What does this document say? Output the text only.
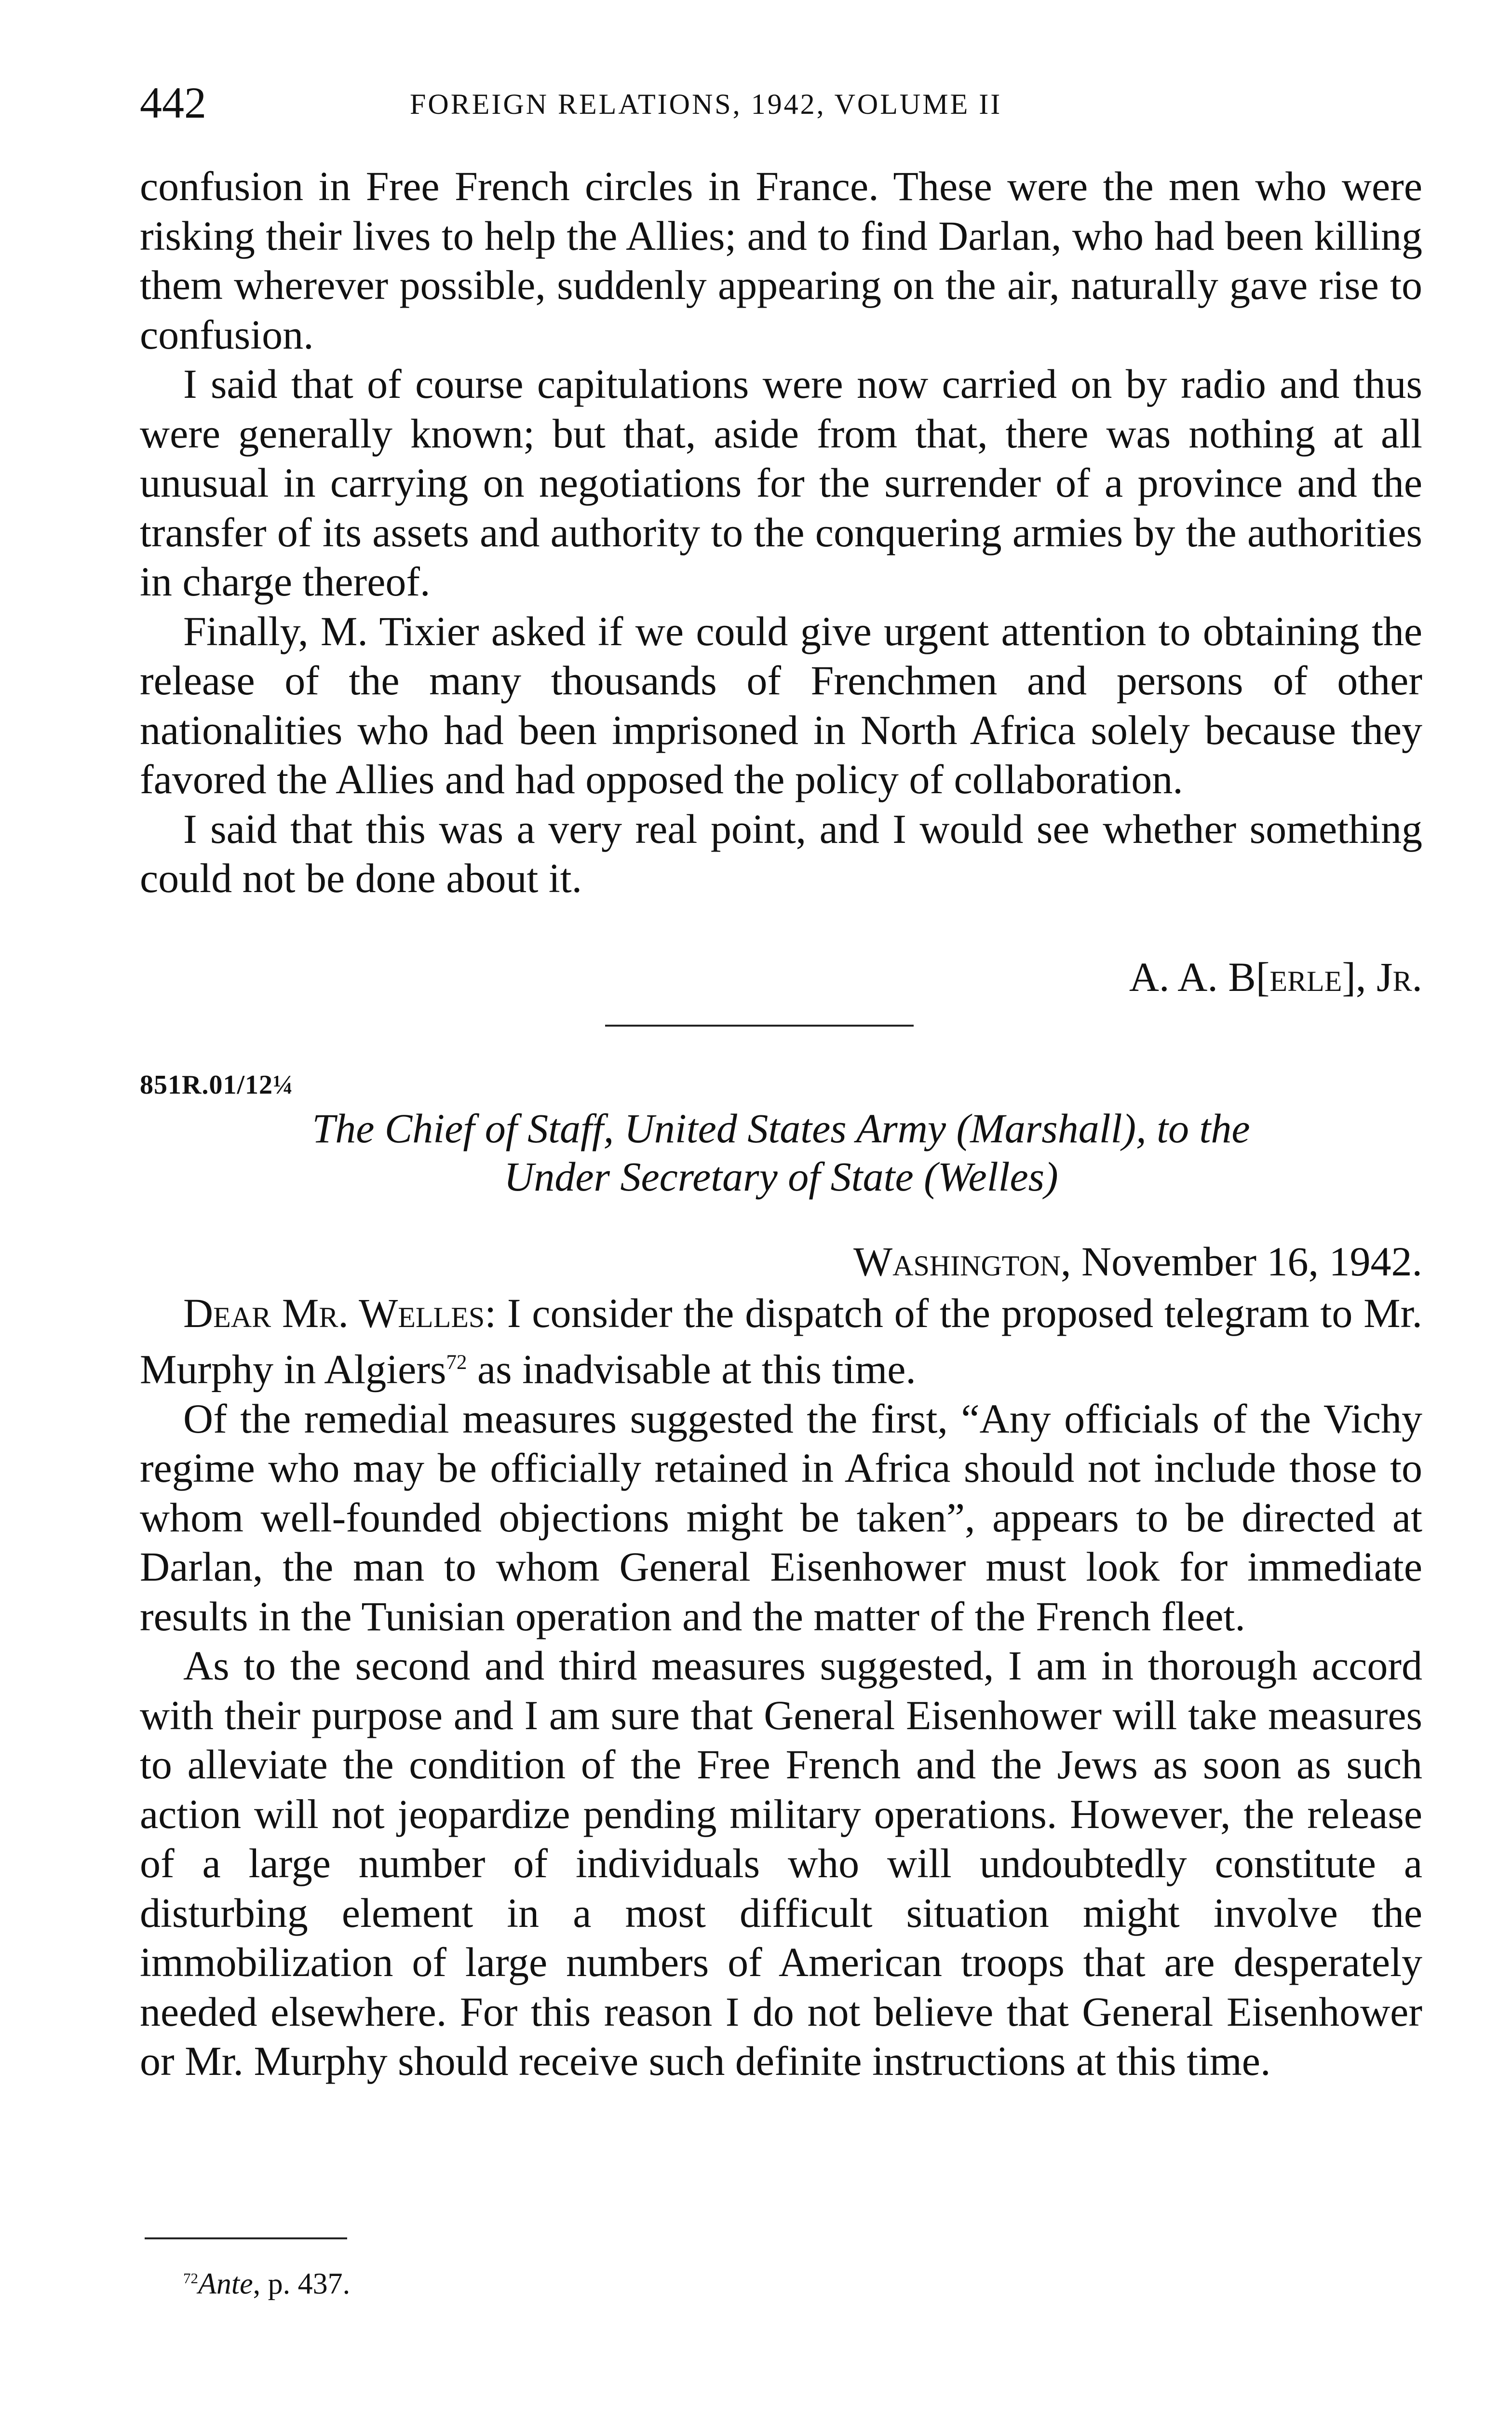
442	FOREIGN RELATIONS, 1942, VOLUME II

confusion in Free French circles in France. These were the men who were risking their lives to help the Allies; and to find Darlan, who had been killing them wherever possible, suddenly appearing on the air, naturally gave rise to confusion.

I said that of course capitulations were now carried on by radio and thus were generally known; but that, aside from that, there was nothing at all unusual in carrying on negotiations for the surrender of a province and the transfer of its assets and authority to the conquering armies by the authorities in charge thereof.

Finally, M. Tixier asked if we could give urgent attention to obtaining the release of the many thousands of Frenchmen and persons of other nationalities who had been imprisoned in North Africa solely because they favored the Allies and had opposed the policy of collaboration.

I said that this was a very real point, and I would see whether something could not be done about it.

A. A. B[erle], Jr.
851R.01/12¼
The Chief of Staff, United States Army (Marshall), to the
Under Secretary of State (Welles)
Washington, November 16, 1942.

Dear Mr. Welles: I consider the dispatch of the proposed telegram to Mr. Murphy in Algiers$^{72}$ as inadvisable at this time.

Of the remedial measures suggested the first, “Any officials of the Vichy regime who may be officially retained in Africa should not include those to whom well-founded objections might be taken”, appears to be directed at Darlan, the man to whom General Eisenhower must look for immediate results in the Tunisian operation and the matter of the French fleet.

As to the second and third measures suggested, I am in thorough accord with their purpose and I am sure that General Eisenhower will take measures to alleviate the condition of the Free French and the Jews as soon as such action will not jeopardize pending military operations. However, the release of a large number of individuals who will undoubtedly constitute a disturbing element in a most difficult situation might involve the immobilization of large numbers of American troops that are desperately needed elsewhere. For this reason I do not believe that General Eisenhower or Mr. Murphy should receive such definite instructions at this time.

$^{72}$Ante, p. 437.
